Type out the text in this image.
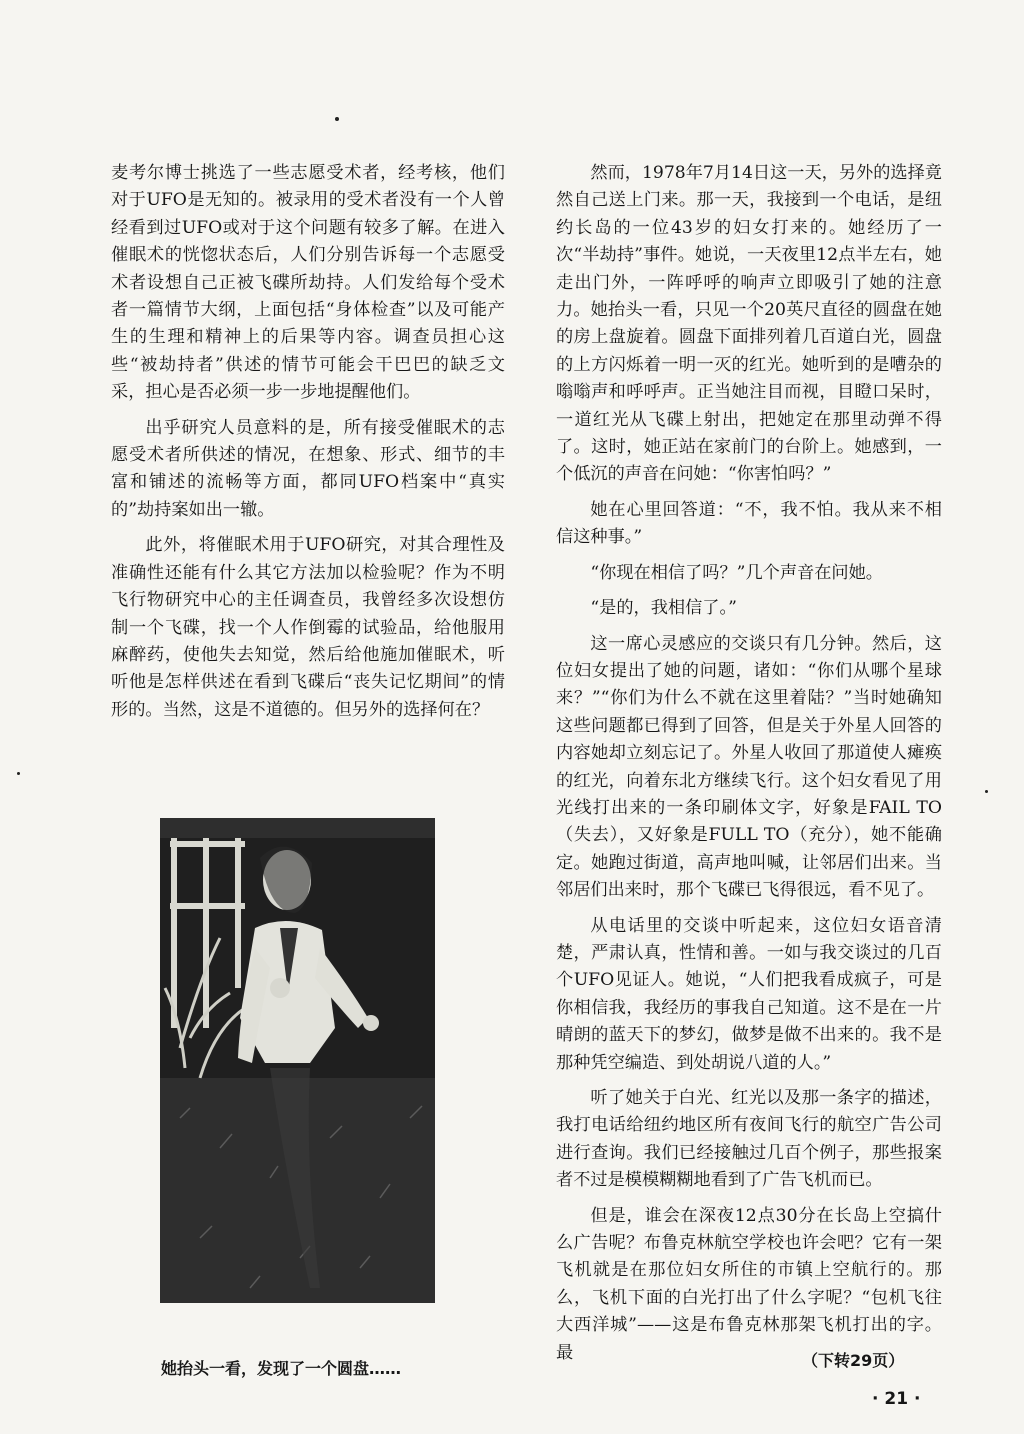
麦考尔博士挑选了一些志愿受术者，经考核，他们对于UFO是无知的。被录用的受术者没有一个人曾经看到过UFO或对于这个问题有较多了解。在进入催眠术的恍惚状态后，人们分别告诉每一个志愿受术者设想自己正被飞碟所劫持。人们发给每个受术者一篇情节大纲，上面包括“身体检查”以及可能产生的生理和精神上的后果等内容。调查员担心这些“被劫持者”供述的情节可能会干巴巴的缺乏文采，担心是否必须一步一步地提醒他们。

出乎研究人员意料的是，所有接受催眠术的志愿受术者所供述的情况，在想象、形式、细节的丰富和铺述的流畅等方面，都同UFO档案中“真实的”劫持案如出一辙。

此外，将催眠术用于UFO研究，对其合理性及准确性还能有什么其它方法加以检验呢？作为不明飞行物研究中心的主任调查员，我曾经多次设想仿制一个飞碟，找一个人作倒霉的试验品，给他服用麻醉药，使他失去知觉，然后给他施加催眠术，听听他是怎样供述在看到飞碟后“丧失记忆期间”的情形的。当然，这是不道德的。但另外的选择何在？

她抬头一看，发现了一个圆盘……

然而，1978年7月14日这一天，另外的选择竟然自己送上门来。那一天，我接到一个电话，是纽约长岛的一位43岁的妇女打来的。她经历了一次“半劫持”事件。她说，一天夜里12点半左右，她走出门外，一阵呼呼的响声立即吸引了她的注意力。她抬头一看，只见一个20英尺直径的圆盘在她的房上盘旋着。圆盘下面排列着几百道白光，圆盘的上方闪烁着一明一灭的红光。她听到的是嘈杂的嗡嗡声和呼呼声。正当她注目而视，目瞪口呆时，一道红光从飞碟上射出，把她定在那里动弹不得了。这时，她正站在家前门的台阶上。她感到，一个低沉的声音在问她：“你害怕吗？”

她在心里回答道：“不，我不怕。我从来不相信这种事。”

“你现在相信了吗？”几个声音在问她。

“是的，我相信了。”

这一席心灵感应的交谈只有几分钟。然后，这位妇女提出了她的问题，诸如：“你们从哪个星球来？”“你们为什么不就在这里着陆？”当时她确知这些问题都已得到了回答，但是关于外星人回答的内容她却立刻忘记了。外星人收回了那道使人瘫痪的红光，向着东北方继续飞行。这个妇女看见了用光线打出来的一条印刷体文字，好象是FAIL TO（失去），又好象是FULL TO（充分），她不能确定。她跑过街道，高声地叫喊，让邻居们出来。当邻居们出来时，那个飞碟已飞得很远，看不见了。

从电话里的交谈中听起来，这位妇女语音清楚，严肃认真，性情和善。一如与我交谈过的几百个UFO见证人。她说，“人们把我看成疯子，可是你相信我，我经历的事我自己知道。这不是在一片晴朗的蓝天下的梦幻，做梦是做不出来的。我不是那种凭空编造、到处胡说八道的人。”

听了她关于白光、红光以及那一条字的描述，我打电话给纽约地区所有夜间飞行的航空广告公司进行查询。我们已经接触过几百个例子，那些报案者不过是模模糊糊地看到了广告飞机而已。

但是，谁会在深夜12点30分在长岛上空搞什么广告呢？布鲁克林航空学校也许会吧？它有一架飞机就是在那位妇女所住的市镇上空航行的。那么，飞机下面的白光打出了什么字呢？“包机飞往大西洋城”——这是布鲁克林那架飞机打出的字。最	（下转29页）
· 21 ·
